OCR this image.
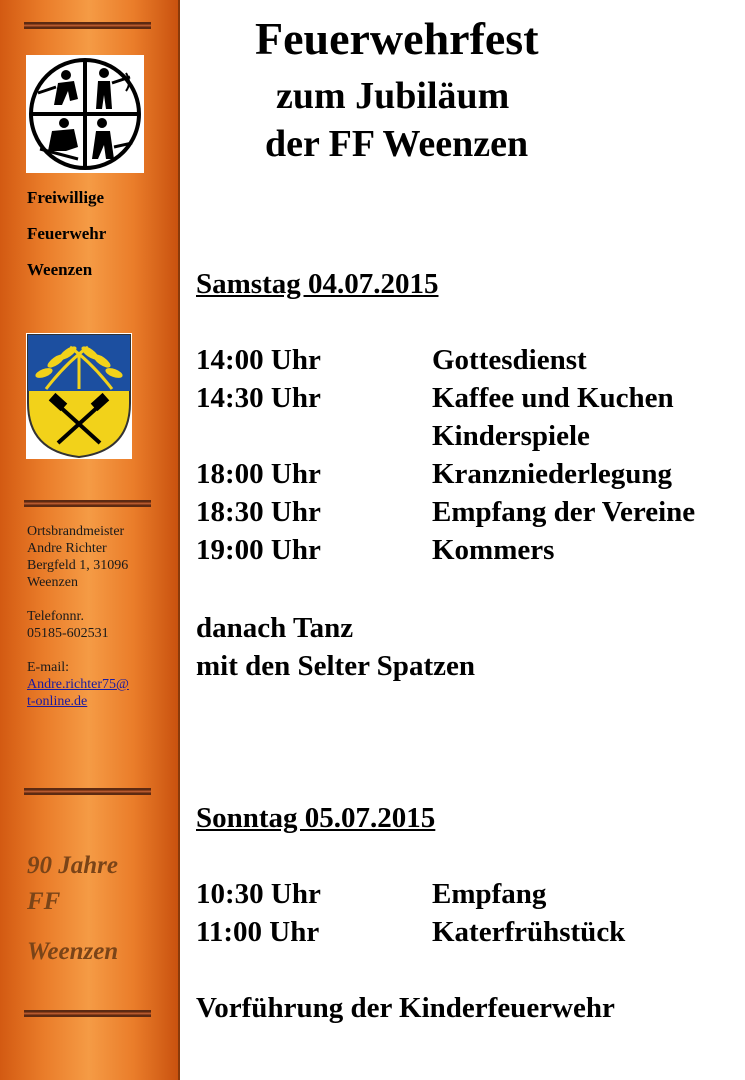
Freiwillige
Feuerwehr
Weenzen
Ortsbrandmeister
Andre Richter
Bergfeld 1, 31096
Weenzen
Telefonnr.
05185-602531
E-mail:
Andre.richter75@
t-online.de
90 Jahre
FF
Weenzen
Feuerwehrfest
zum Jubiläum
der FF Weenzen
Samstag 04.07.2015
14:00 Uhr	Gottesdienst
14:30 Uhr	Kaffee und Kuchen
Kinderspiele
18:00 Uhr	Kranzniederlegung
18:30 Uhr	Empfang der Vereine
19:00 Uhr	Kommers
danach Tanz
mit den Selter Spatzen
Sonntag 05.07.2015
10:30 Uhr	Empfang
11:00 Uhr	Katerfrühstück
Vorführung der Kinderfeuerwehr
